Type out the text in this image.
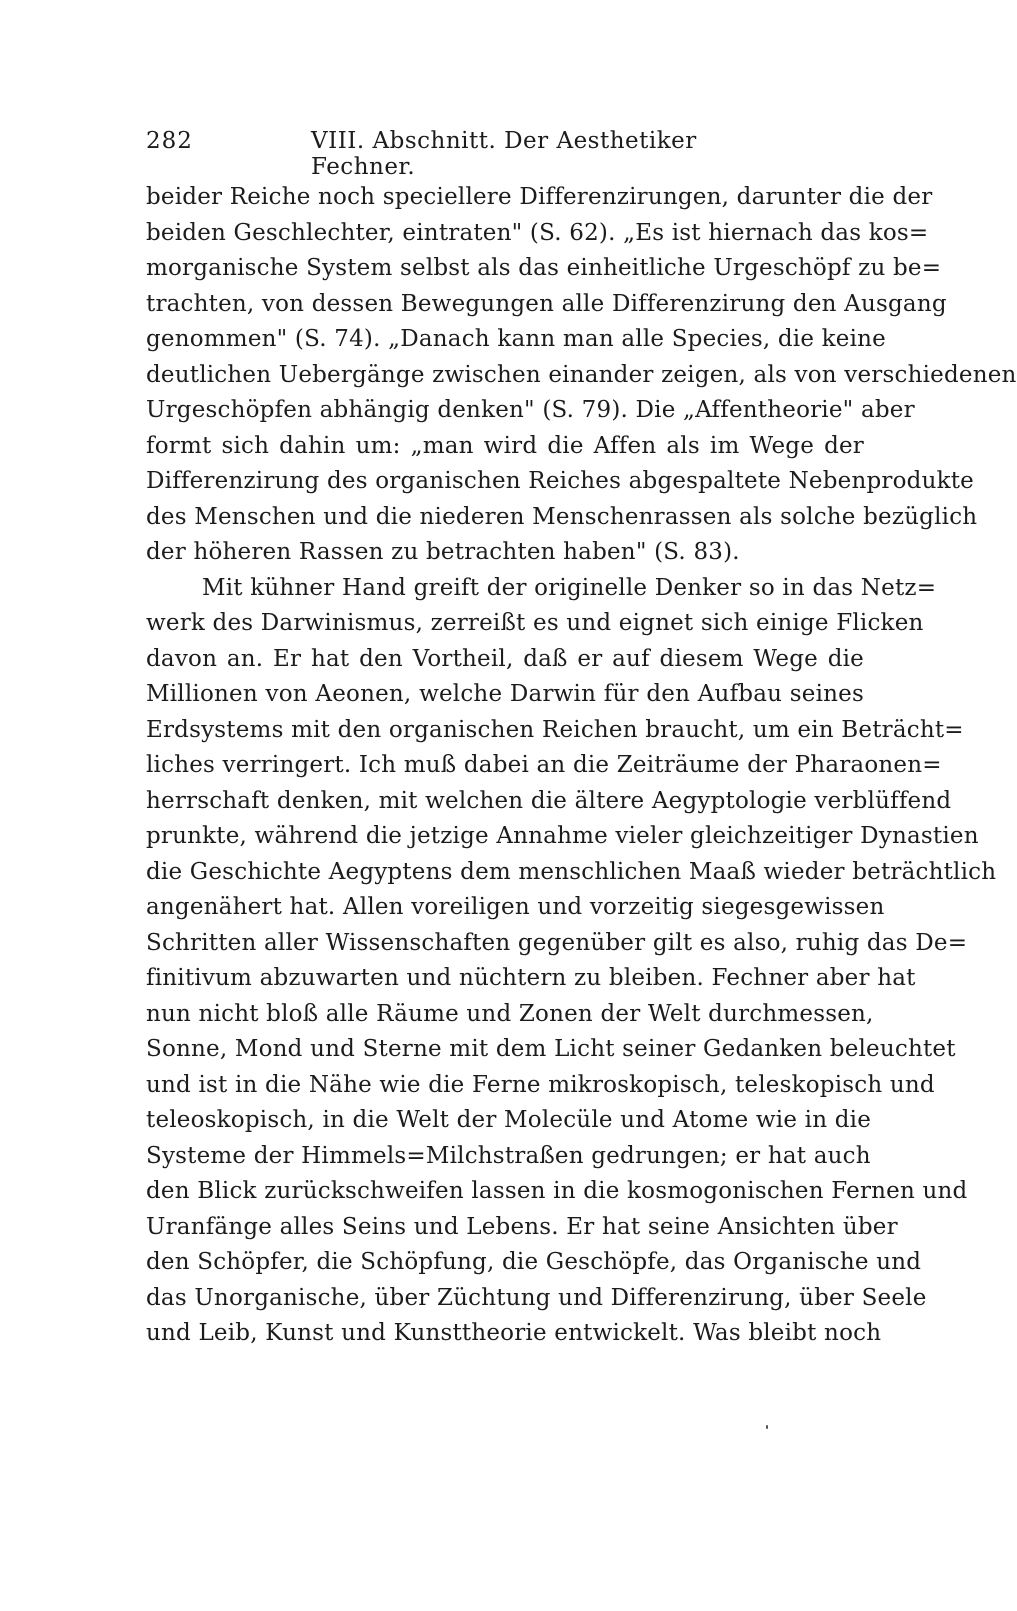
282	VIII. Abschnitt. Der Aesthetiker Fechner.
beider Reiche noch speciellere Differenzirungen, darunter die der
beiden Geschlechter, eintraten" (S. 62). „Es ist hiernach das kos=
morganische System selbst als das einheitliche Urgeschöpf zu be=
trachten, von dessen Bewegungen alle Differenzirung den Ausgang
genommen" (S. 74). „Danach kann man alle Species, die keine
deutlichen Uebergänge zwischen einander zeigen, als von verschiedenen
Urgeschöpfen abhängig denken" (S. 79). Die „Affentheorie" aber
formt sich dahin um: „man wird die Affen als im Wege der
Differenzirung des organischen Reiches abgespaltete Nebenprodukte
des Menschen und die niederen Menschenrassen als solche bezüglich
der höheren Rassen zu betrachten haben" (S. 83).
Mit kühner Hand greift der originelle Denker so in das Netz=
werk des Darwinismus, zerreißt es und eignet sich einige Flicken
davon an. Er hat den Vortheil, daß er auf diesem Wege die
Millionen von Aeonen, welche Darwin für den Aufbau seines
Erdsystems mit den organischen Reichen braucht, um ein Beträcht=
liches verringert. Ich muß dabei an die Zeiträume der Pharaonen=
herrschaft denken, mit welchen die ältere Aegyptologie verblüffend
prunkte, während die jetzige Annahme vieler gleichzeitiger Dynastien
die Geschichte Aegyptens dem menschlichen Maaß wieder beträchtlich
angenähert hat. Allen voreiligen und vorzeitig siegesgewissen
Schritten aller Wissenschaften gegenüber gilt es also, ruhig das De=
finitivum abzuwarten und nüchtern zu bleiben. Fechner aber hat
nun nicht bloß alle Räume und Zonen der Welt durchmessen,
Sonne, Mond und Sterne mit dem Licht seiner Gedanken beleuchtet
und ist in die Nähe wie die Ferne mikroskopisch, teleskopisch und
teleoskopisch, in die Welt der Molecüle und Atome wie in die
Systeme der Himmels=Milchstraßen gedrungen; er hat auch
den Blick zurückschweifen lassen in die kosmogonischen Fernen und
Uranfänge alles Seins und Lebens. Er hat seine Ansichten über
den Schöpfer, die Schöpfung, die Geschöpfe, das Organische und
das Unorganische, über Züchtung und Differenzirung, über Seele
und Leib, Kunst und Kunsttheorie entwickelt. Was bleibt noch
